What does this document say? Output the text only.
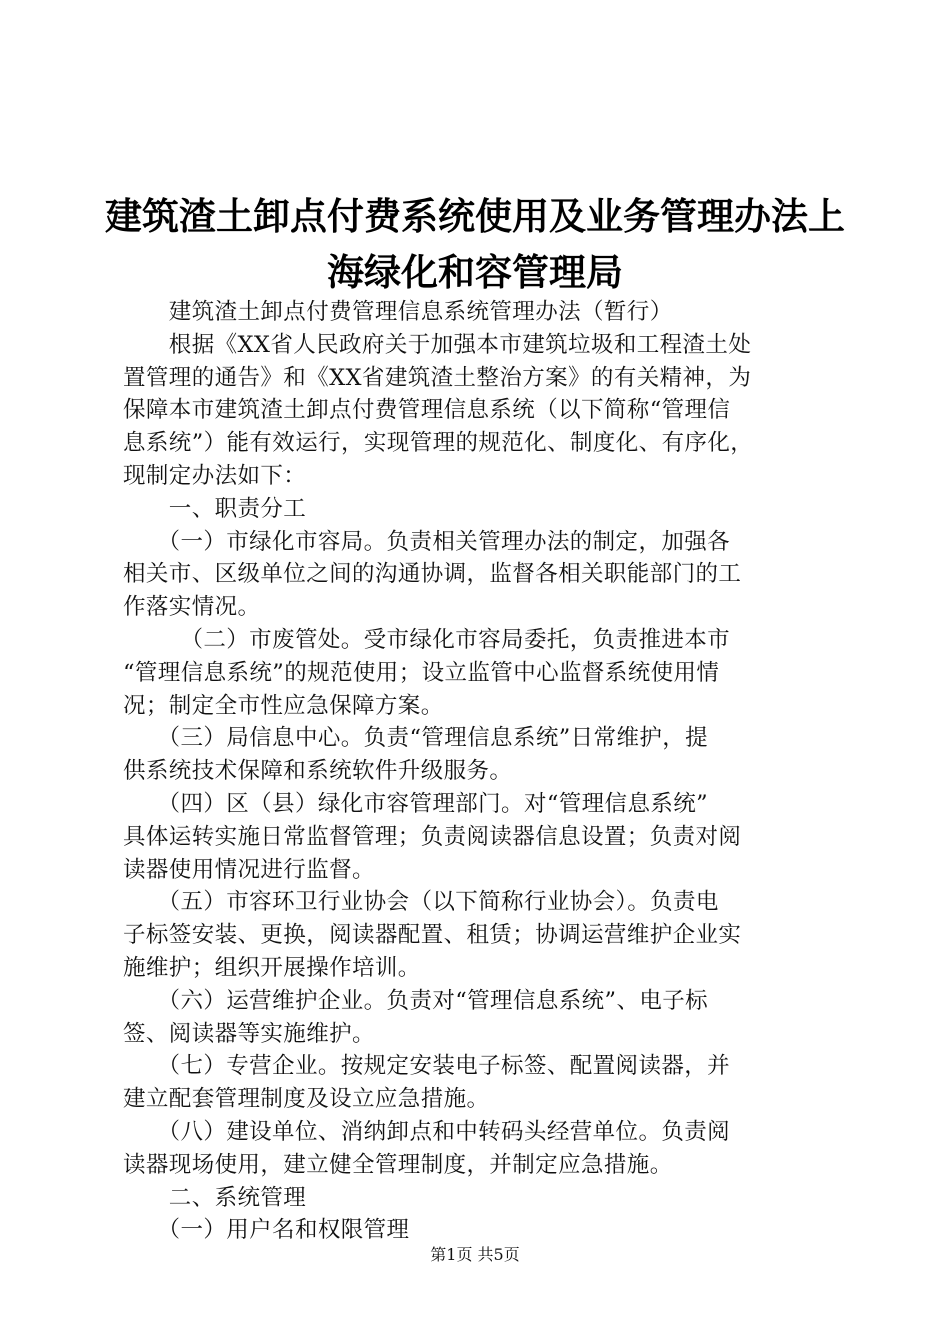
建筑渣土卸点付费系统使用及业务管理办法上
海绿化和容管理局
　　建筑渣土卸点付费管理信息系统管理办法（暂行）
　　根据《XX省人民政府关于加强本市建筑垃圾和工程渣土处
置管理的通告》和《XX省建筑渣土整治方案》的有关精神，为
保障本市建筑渣土卸点付费管理信息系统（以下简称“管理信
息系统”）能有效运行，实现管理的规范化、制度化、有序化，
现制定办法如下：
　　一、职责分工
　　（一）市绿化市容局。负责相关管理办法的制定，加强各
相关市、区级单位之间的沟通协调，监督各相关职能部门的工
作落实情况。
　　　（二）市废管处。受市绿化市容局委托，负责推进本市
“管理信息系统”的规范使用；设立监管中心监督系统使用情
况；制定全市性应急保障方案。
　　（三）局信息中心。负责“管理信息系统”日常维护，提
供系统技术保障和系统软件升级服务。
　　（四）区（县）绿化市容管理部门。对“管理信息系统”
具体运转实施日常监督管理；负责阅读器信息设置；负责对阅
读器使用情况进行监督。
　　（五）市容环卫行业协会（以下简称行业协会）。负责电
子标签安装、更换，阅读器配置、租赁；协调运营维护企业实
施维护；组织开展操作培训。
　　（六）运营维护企业。负责对“管理信息系统”、电子标
签、阅读器等实施维护。
　　（七）专营企业。按规定安装电子标签、配置阅读器，并
建立配套管理制度及设立应急措施。
　　（八）建设单位、消纳卸点和中转码头经营单位。负责阅
读器现场使用，建立健全管理制度，并制定应急措施。
　　二、系统管理
　　（一）用户名和权限管理
第1页 共5页
